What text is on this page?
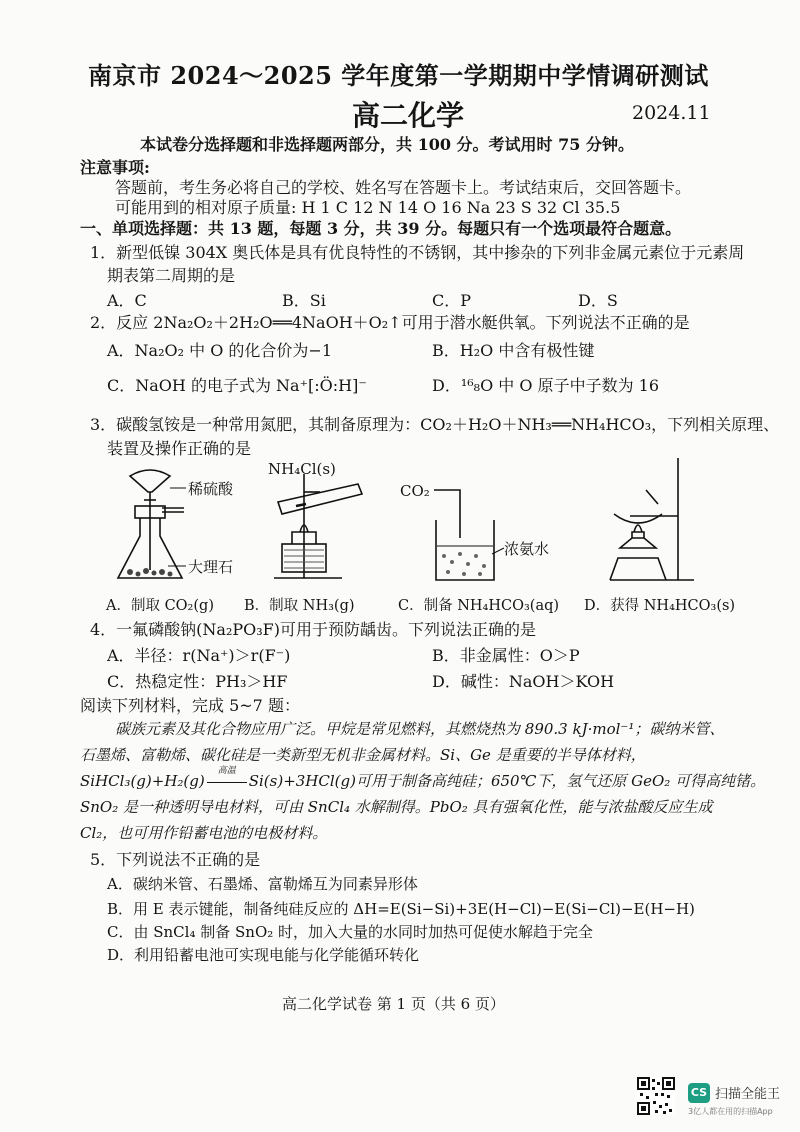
南京市 2024～2025 学年度第一学期期中学情调研测试
高二化学	2024.11
本试卷分选择题和非选择题两部分，共 100 分。考试用时 75 分钟。
注意事项:
答题前，考生务必将自己的学校、姓名写在答题卡上。考试结束后，交回答题卡。
可能用到的相对原子质量: H 1 C 12 N 14 O 16 Na 23 S 32 Cl 35.5
一、单项选择题：共 13 题，每题 3 分，共 39 分。每题只有一个选项最符合题意。
1．新型低镍 304X 奥氏体是具有优良特性的不锈钢，其中掺杂的下列非金属元素位于元素周
期表第二周期的是
A．C	B．Si	C．P	D．S
2．反应 2Na₂O₂＋2H₂O══4NaOH＋O₂↑可用于潜水艇供氧。下列说法不正确的是
A．Na₂O₂ 中 O 的化合价为−1	B．H₂O 中含有极性键
C．NaOH 的电子式为 Na⁺[:Ö:H]⁻	D．¹⁶₈O 中 O 原子中子数为 16
3．碳酸氢铵是一种常用氮肥，其制备原理为：CO₂＋H₂O＋NH₃══NH₄HCO₃，下列相关原理、
装置及操作正确的是
稀硫酸
大理石
NH₄Cl(s)
CO₂
浓氨水
A．制取 CO₂(g) B．制取 NH₃(g)	C．制备 NH₄HCO₃(aq) D．获得 NH₄HCO₃(s)
4．一氟磷酸钠(Na₂PO₃F)可用于预防龋齿。下列说法正确的是
A．半径：r(Na⁺)＞r(F⁻)	B．非金属性：O＞P
C．热稳定性：PH₃＞HF	D．碱性：NaOH＞KOH
阅读下列材料，完成 5~7 题：
碳族元素及其化合物应用广泛。甲烷是常见燃料，其燃烧热为 890.3 kJ·mol⁻¹；碳纳米管、
石墨烯、富勒烯、碳化硅是一类新型无机非金属材料。Si、Ge 是重要的半导体材料，
SiHCl₃(g)+H₂(g)
高温
Si(s)+3HCl(g)可用于制备高纯硅；650℃下，氢气还原 GeO₂ 可得高纯锗。
SnO₂ 是一种透明导电材料，可由 SnCl₄ 水解制得。PbO₂ 具有强氧化性，能与浓盐酸反应生成
Cl₂，也可用作铅蓄电池的电极材料。
5．下列说法不正确的是
A．碳纳米管、石墨烯、富勒烯互为同素异形体
B．用 E 表示键能，制备纯硅反应的 ΔH=E(Si−Si)+3E(H−Cl)−E(Si−Cl)−E(H−H)
C．由 SnCl₄ 制备 SnO₂ 时，加入大量的水同时加热可促使水解趋于完全
D．利用铅蓄电池可实现电能与化学能循环转化
高二化学试卷 第 1 页（共 6 页）
CS 扫描全能王
3亿人都在用的扫描App
